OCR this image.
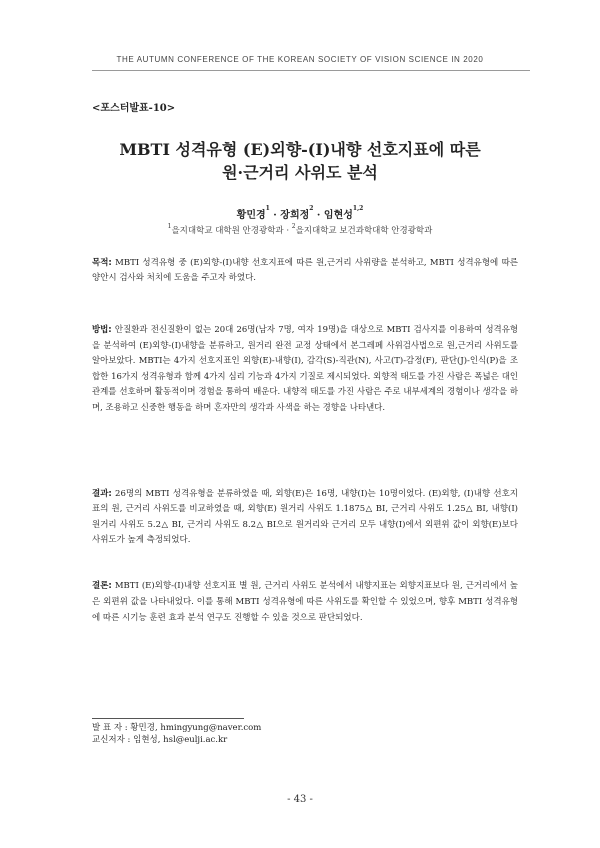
THE AUTUMN CONFERENCE OF THE KOREAN SOCIETY OF VISION SCIENCE IN 2020
<포스터발표-10>
MBTI 성격유형 (E)외향-(I)내향 선호지표에 따른
원·근거리 사위도 분석
황민경$^1$ · 장희정$^2$ · 임현성$^{1,2}$
$^1$을지대학교 대학원 안경광학과 · $^2$을지대학교 보건과학대학 안경광학과
목적: MBTI 성격유형 중 (E)외향-(I)내향 선호지표에 따른 원,근거리 사위량을 분석하고, MBTI 성격유형에 따른 양안시 검사와 처치에 도움을 주고자 하였다.
방법: 안질환과 전신질환이 없는 20대 26명(남자 7명, 여자 19명)을 대상으로 MBTI 검사지를 이용하여 성격유형을 분석하여 (E)외향-(I)내향을 분류하고, 원거리 완전 교정 상태에서 본그레페 사위검사법으로 원,근거리 사위도를 알아보았다. MBTI는 4가지 선호지표인 외향(E)-내향(I), 감각(S)-직관(N), 사고(T)-감정(F), 판단(J)-인식(P)을 조합한 16가지 성격유형과 함께 4가지 심리 기능과 4가지 기질로 제시되었다. 외향적 태도를 가진 사람은 폭넓은 대인관계를 선호하며 활동적이며 경험을 통하여 배운다. 내향적 태도를 가진 사람은 주로 내부세계의 경험이나 생각을 하며, 조용하고 신중한 행동을 하며 혼자만의 생각과 사색을 하는 경향을 나타낸다.
결과: 26명의 MBTI 성격유형을 분류하였을 때, 외향(E)은 16명, 내향(I)는 10명이었다. (E)외향, (I)내향 선호지표의 원, 근거리 사위도를 비교하였을 때, 외향(E) 원거리 사위도 1.1875△ BI, 근거리 사위도 1.25△ BI, 내향(I) 원거리 사위도 5.2△ BI, 근거리 사위도 8.2△ BI으로 원거리와 근거리 모두 내향(I)에서 외편위 값이 외향(E)보다 사위도가 높게 측정되었다.
결론: MBTI (E)외향-(I)내향 선호지표 별 원, 근거리 사위도 분석에서 내향지표는 외향지표보다 원, 근거리에서 높은 외편위 값을 나타내었다. 이를 통해 MBTI 성격유형에 따른 사위도를 확인할 수 있었으며, 향후 MBTI 성격유형에 따른 시기능 훈련 효과 분석 연구도 진행할 수 있을 것으로 판단되었다.
발 표 자 : 황민경, hmingyung@naver.com
교신저자 : 임현성, hsl@eulji.ac.kr
- 43 -
